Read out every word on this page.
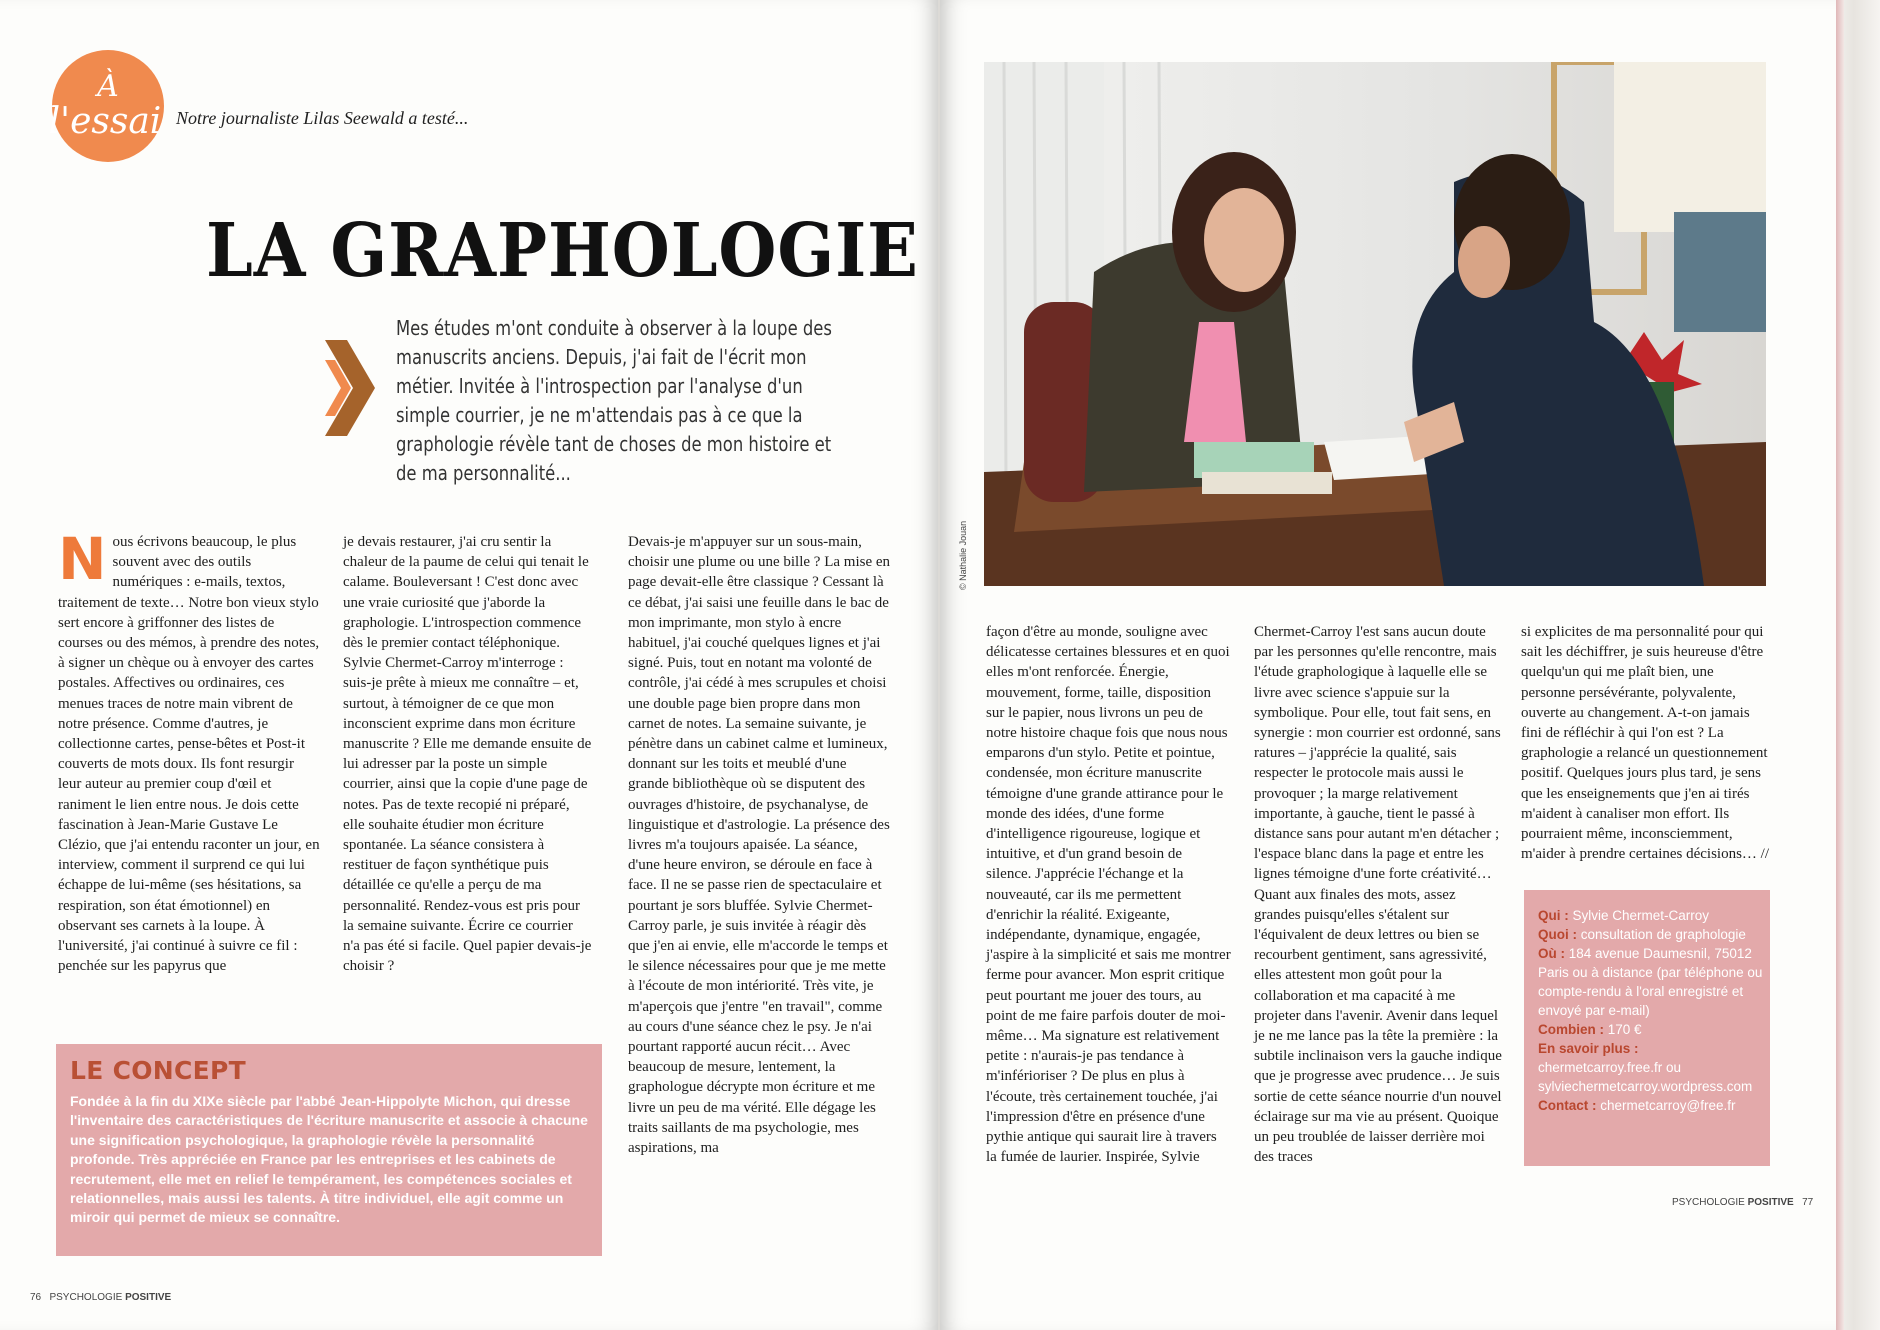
À
l'essai Notre journaliste Lilas Seewald a testé...
LA GRAPHOLOGIE
Mes études m'ont conduite à observer à la loupe des manuscrits anciens. Depuis, j'ai fait de l'écrit mon métier. Invitée à l'introspection par l'analyse d'un simple courrier, je ne m'attendais pas à ce que la graphologie révèle tant de choses de mon histoire et de ma personnalité...
N ous écrivons beaucoup, le plus souvent avec des outils numériques : e-mails, textos, traitement de texte… Notre bon vieux stylo sert encore à griffonner des listes de courses ou des mémos, à prendre des notes, à signer un chèque ou à envoyer des cartes postales. Affectives ou ordinaires, ces menues traces de notre main vibrent de notre présence. Comme d'autres, je collectionne cartes, pense-bêtes et Post-it couverts de mots doux. Ils font resurgir leur auteur au premier coup d'œil et raniment le lien entre nous. Je dois cette fascination à Jean-Marie Gustave Le Clézio, que j'ai entendu raconter un jour, en interview, comment il surprend ce qui lui échappe de lui-même (ses hésitations, sa respiration, son état émotionnel) en observant ses carnets à la loupe. À l'université, j'ai continué à suivre ce fil : penchée sur les papyrus que

je devais restaurer, j'ai cru sentir la chaleur de la paume de celui qui tenait le calame. Bouleversant ! C'est donc avec une vraie curiosité que j'aborde la graphologie. L'introspection commence dès le premier contact téléphonique. Sylvie Chermet-Carroy m'interroge : suis-je prête à mieux me connaître – et, surtout, à témoigner de ce que mon inconscient exprime dans mon écriture manuscrite ? Elle me demande ensuite de lui adresser par la poste un simple courrier, ainsi que la copie d'une page de notes. Pas de texte recopié ni préparé, elle souhaite étudier mon écriture spontanée. La séance consistera à restituer de façon synthétique puis détaillée ce qu'elle a perçu de ma personnalité. Rendez-vous est pris pour la semaine suivante. Écrire ce courrier n'a pas été si facile. Quel papier devais-je choisir ?

Devais-je m'appuyer sur un sous-main, choisir une plume ou une bille ? La mise en page devait-elle être classique ? Cessant là ce débat, j'ai saisi une feuille dans le bac de mon imprimante, mon stylo à encre habituel, j'ai couché quelques lignes et j'ai signé. Puis, tout en notant ma volonté de contrôle, j'ai cédé à mes scrupules et choisi une double page bien propre dans mon carnet de notes. La semaine suivante, je pénètre dans un cabinet calme et lumineux, donnant sur les toits et meublé d'une grande bibliothèque où se disputent des ouvrages d'histoire, de psychanalyse, de linguistique et d'astrologie. La présence des livres m'a toujours apaisée. La séance, d'une heure environ, se déroule en face à face. Il ne se passe rien de spectaculaire et pourtant je sors bluffée. Sylvie Chermet-Carroy parle, je suis invitée à réagir dès que j'en ai envie, elle m'accorde le temps et le silence nécessaires pour que je me mette à l'écoute de mon intériorité. Très vite, je m'aperçois que j'entre "en travail", comme au cours d'une séance chez le psy. Je n'ai pourtant rapporté aucun récit… Avec beaucoup de mesure, lentement, la graphologue décrypte mon écriture et me livre un peu de ma vérité. Elle dégage les traits saillants de ma psychologie, mes aspirations, ma

LE CONCEPT

Fondée à la fin du XIXe siècle par l'abbé Jean-Hippolyte Michon, qui dresse l'inventaire des caractéristiques de l'écriture manuscrite et associe à chacune une signification psychologique, la graphologie révèle la personnalité profonde. Très appréciée en France par les entreprises et les cabinets de recrutement, elle met en relief le tempérament, les compétences sociales et relationnelles, mais aussi les talents. À titre individuel, elle agit comme un miroir qui permet de mieux se connaître.

76 PSYCHOLOGIE POSITIVE
© Nathalie Jouan

façon d'être au monde, souligne avec délicatesse certaines blessures et en quoi elles m'ont renforcée. Énergie, mouvement, forme, taille, disposition sur le papier, nous livrons un peu de notre histoire chaque fois que nous nous emparons d'un stylo. Petite et pointue, condensée, mon écriture manuscrite témoigne d'une grande attirance pour le monde des idées, d'une forme d'intelligence rigoureuse, logique et intuitive, et d'un grand besoin de silence. J'apprécie l'échange et la nouveauté, car ils me permettent d'enrichir la réalité. Exigeante, indépendante, dynamique, engagée, j'aspire à la simplicité et sais me montrer ferme pour avancer. Mon esprit critique peut pourtant me jouer des tours, au point de me faire parfois douter de moi-même… Ma signature est relativement petite : n'aurais-je pas tendance à m'inférioriser ? De plus en plus à l'écoute, très certainement touchée, j'ai l'impression d'être en présence d'une pythie antique qui saurait lire à travers la fumée de laurier. Inspirée, Sylvie

Chermet-Carroy l'est sans aucun doute par les personnes qu'elle rencontre, mais l'étude graphologique à laquelle elle se livre avec science s'appuie sur la symbolique. Pour elle, tout fait sens, en synergie : mon courrier est ordonné, sans ratures – j'apprécie la qualité, sais respecter le protocole mais aussi le provoquer ; la marge relativement importante, à gauche, tient le passé à distance sans pour autant m'en détacher ; l'espace blanc dans la page et entre les lignes témoigne d'une forte créativité… Quant aux finales des mots, assez grandes puisqu'elles s'étalent sur l'équivalent de deux lettres ou bien se recourbent gentiment, sans agressivité, elles attestent mon goût pour la collaboration et ma capacité à me projeter dans l'avenir. Avenir dans lequel je ne me lance pas la tête la première : la subtile inclinaison vers la gauche indique que je progresse avec prudence… Je suis sortie de cette séance nourrie d'un nouvel éclairage sur ma vie au présent. Quoique un peu troublée de laisser derrière moi des traces

si explicites de ma personnalité pour qui sait les déchiffrer, je suis heureuse d'être quelqu'un qui me plaît bien, une personne persévérante, polyvalente, ouverte au changement. A-t-on jamais fini de réfléchir à qui l'on est ? La graphologie a relancé un questionnement positif. Quelques jours plus tard, je sens que les enseignements que j'en ai tirés m'aident à canaliser mon effort. Ils pourraient même, inconsciemment, m'aider à prendre certaines décisions… //

Qui : Sylvie Chermet-Carroy

Quoi : consultation de graphologie

Où : 184 avenue Daumesnil, 75012 Paris ou à distance (par téléphone ou compte-rendu à l'oral enregistré et envoyé par e-mail)

Combien : 170 €

En savoir plus : chermetcarroy.free.fr ou sylviechermetcarroy.wordpress.com

Contact : chermetcarroy@free.fr

PSYCHOLOGIE POSITIVE 77
